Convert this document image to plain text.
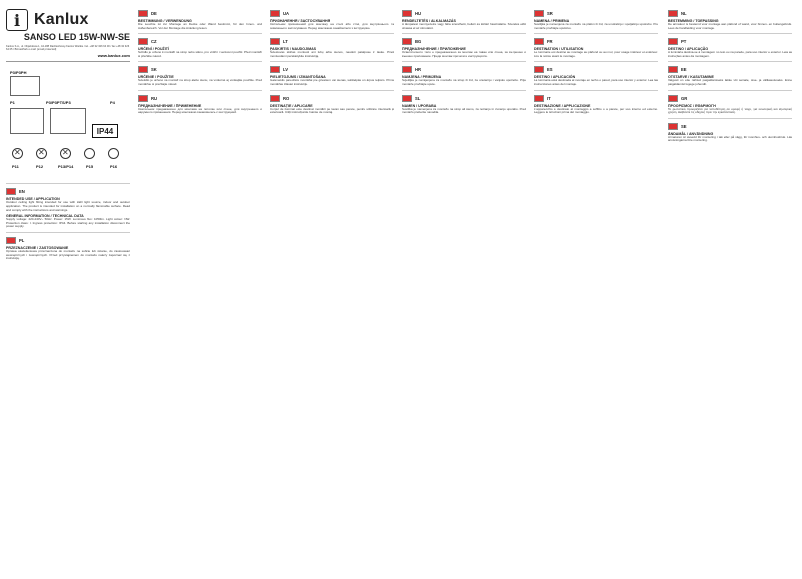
i Kanlux
SANSO LED 15W-NW-SE
Kanlux S.A., ul. Objazdowa 1, 44-188 Radziechowy-Kanlux Wielkie / tel. +48 32 326 64 00 / fax +48 32 326 64 05 / BiznesPark e-mail: [email protected]
www.kanlux.com
P3/P3PH
P3/P3PTS/P3
P1	P4
IP44
✕
✕
✕
P11	P12	P13/P14	P15	P16
EN
INTENDED USE / APPLICATION
Outdoor ceiling light fitting intended for use with LED light source, indoor and outdoor application. The product is intended for installation on a normally flammable surface. Read and comply with the instructions and warnings.
GENERAL INFORMATION / TECHNICAL DATA
Supply voltage: 220-240V~ 50Hz. Power: 15W. Luminous flux: 1050lm. Light colour: NW. Protection class: I. Ingress protection: IP44. Before starting any installation disconnect the power supply.
PL
PRZEZNACZENIE / ZASTOSOWANIE
Oprawa oświetleniowa przeznaczona do montażu na suficie lub ścianie, do zastosowań wewnętrznych i zewnętrznych. Przed przystąpieniem do montażu należy zapoznać się z instrukcją.
DE
BESTIMMUNG / VERWENDUNG
Die Leuchte ist zur Montage an Decke oder Wand bestimmt, für den Innen- und Außenbereich. Vor der Montage die Anleitung lesen.
CZ
URČENÍ / POUŽITÍ
Svítidlo je určeno k montáži na strop nebo stěnu, pro vnitřní i venkovní použití. Před montáží si přečtěte návod.
SK
URČENIE / POUŽITIE
Svietidlo je určené na montáž na strop alebo stenu, na vnútorné aj vonkajšie použitie. Pred montážou si prečítajte návod.
RU
ПРЕДНАЗНАЧЕНИЕ / ПРИМЕНЕНИЕ
Светильник предназначен для монтажа на потолке или стене, для внутреннего и наружного применения. Перед монтажом ознакомьтесь с инструкцией.
UA
ПРИЗНАЧЕННЯ / ЗАСТОСУВАННЯ
Світильник призначений для монтажу на стелі або стіні, для внутрішнього та зовнішнього застосування. Перед монтажем ознайомтеся з інструкцією.
LT
PASKIRTIS / NAUDOJIMAS
Šviestuvas skirtas montuoti ant lubų arba sienos, naudoti patalpose ir lauke. Prieš montuodami perskaitykite instrukciją.
LV
PIELIETOJUMS / IZMANTOŠANA
Gaismeklis paredzēts montāžai pie griestiem vai sienas, iekštelpās un ārpus telpām. Pirms montāžas izlasiet instrukciju.
RO
DESTINAȚIE / APLICARE
Corpul de iluminat este destinat montării pe tavan sau perete, pentru utilizare interioară și exterioară. Citiți instrucțiunile înainte de montaj.
HU
RENDELTETÉS / ALKALMAZÁS
A lámpatest mennyezetre vagy falra szerelhető, beltéri és kültéri használatra. Szerelés előtt olvassa el az útmutatót.
BG
ПРЕДНАЗНАЧЕНИЕ / ПРИЛОЖЕНИЕ
Осветителното тяло е предназначено за монтаж на таван или стена, за вътрешно и външно приложение. Преди монтаж прочетете инструкцията.
HR
NAMJENA / PRIMJENA
Svjetiljka je namijenjena za montažu na strop ili zid, za unutarnju i vanjsku upotrebu. Prije montaže pročitajte upute.
SL
NAMEN / UPORABA
Svetilka je namenjena za montažo na strop ali steno, za notranjo in zunanjo uporabo. Pred montažo preberite navodila.
SR
NAMENA / PRIMENA
Svetiljka je namenjena za montažu na plafon ili zid, za unutrašnju i spoljašnju upotrebu. Pre montaže pročitajte uputstvo.
FR
DESTINATION / UTILISATION
Le luminaire est destiné au montage au plafond ou au mur, pour usage intérieur et extérieur. Lire la notice avant le montage.
ES
DESTINO / APLICACIÓN
La luminaria está destinada al montaje en techo o pared, para uso interior y exterior. Lea las instrucciones antes del montaje.
IT
DESTINAZIONE / APPLICAZIONE
L'apparecchio è destinato al montaggio a soffitto o a parete, per uso interno ed esterno. Leggere le istruzioni prima del montaggio.
NL
BESTEMMING / TOEPASSING
De armatuur is bestemd voor montage aan plafond of wand, voor binnen- en buitengebruik. Lees de handleiding voor montage.
PT
DESTINO / APLICAÇÃO
A luminária destina-se à montagem no teto ou na parede, para uso interior e exterior. Leia as instruções antes da montagem.
EE
OTSTARVE / KASUTAMINE
Valgusti on ette nähtud paigaldamiseks lakke või seinale, sise- ja välikasutuseks. Enne paigaldamist lugege juhendit.
GR
ΠΡΟΟΡΙΣΜΟΣ / ΕΦΑΡΜΟΓΗ
Το φωτιστικό προορίζεται για τοποθέτηση σε οροφή ή τοίχο, για εσωτερική και εξωτερική χρήση. Διαβάστε τις οδηγίες πριν την εγκατάσταση.
SE
ÄNDAMÅL / ANVÄNDNING
Armaturen är avsedd för montering i tak eller på vägg, för inomhus- och utomhusbruk. Läs anvisningarna före montering.
